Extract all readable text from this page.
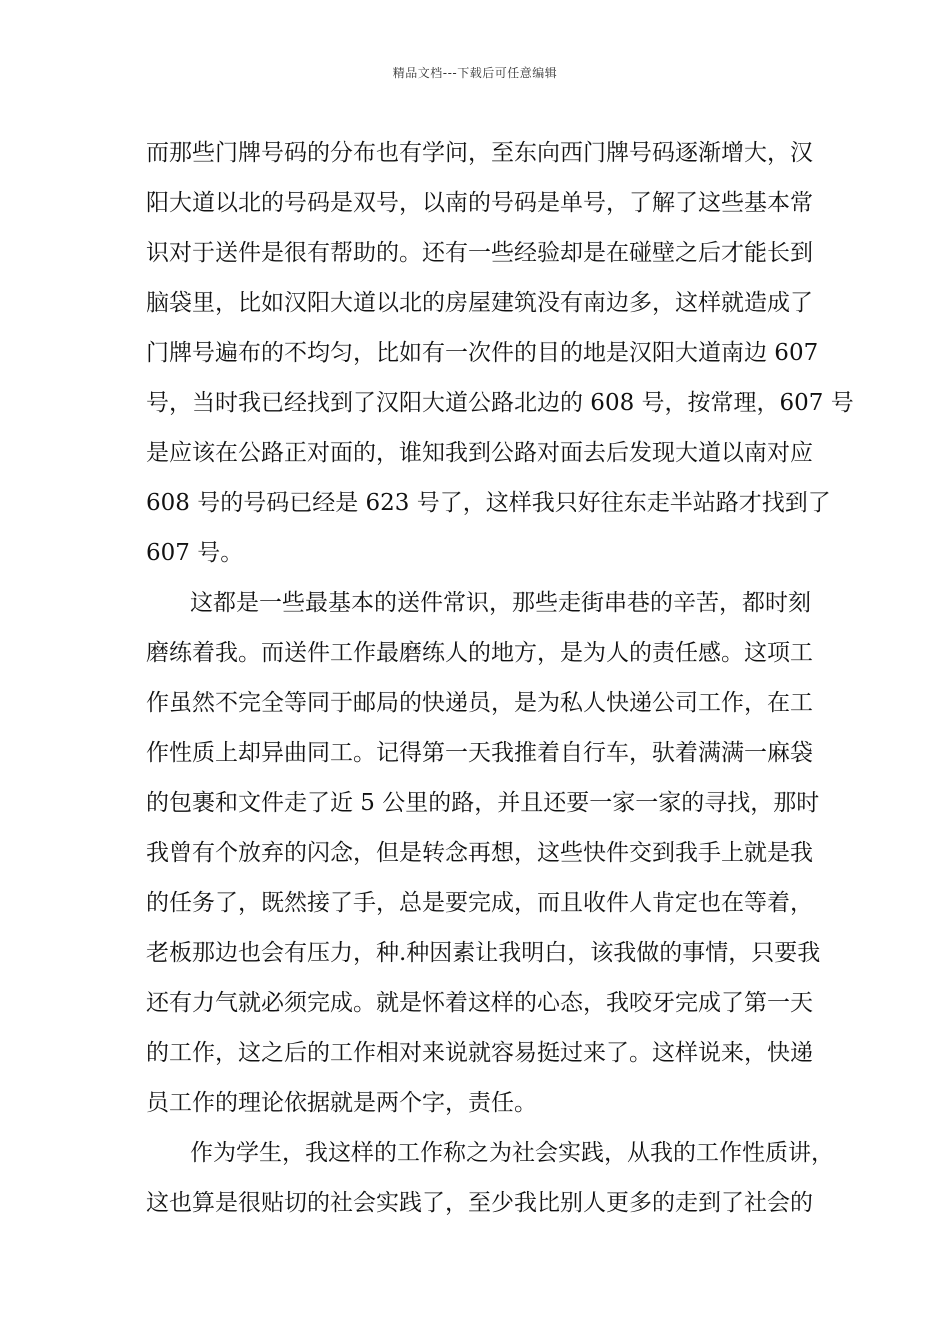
精品文档---下载后可任意编辑
而那些门牌号码的分布也有学问，至东向西门牌号码逐渐增大，汉
阳大道以北的号码是双号，以南的号码是单号，了解了这些基本常
识对于送件是很有帮助的。还有一些经验却是在碰壁之后才能长到
脑袋里，比如汉阳大道以北的房屋建筑没有南边多，这样就造成了
门牌号遍布的不均匀，比如有一次件的目的地是汉阳大道南边 607
号，当时我已经找到了汉阳大道公路北边的 608 号，按常理，607 号
是应该在公路正对面的，谁知我到公路对面去后发现大道以南对应
608 号的号码已经是 623 号了，这样我只好往东走半站路才找到了
607 号。
这都是一些最基本的送件常识，那些走街串巷的辛苦，都时刻
磨练着我。而送件工作最磨练人的地方，是为人的责任感。这项工
作虽然不完全等同于邮局的快递员，是为私人快递公司工作，在工
作性质上却异曲同工。记得第一天我推着自行车，驮着满满一麻袋
的包裹和文件走了近 5 公里的路，并且还要一家一家的寻找，那时
我曾有个放弃的闪念，但是转念再想，这些快件交到我手上就是我
的任务了，既然接了手，总是要完成，而且收件人肯定也在等着，
老板那边也会有压力，种.种因素让我明白，该我做的事情，只要我
还有力气就必须完成。就是怀着这样的心态，我咬牙完成了第一天
的工作，这之后的工作相对来说就容易挺过来了。这样说来，快递
员工作的理论依据就是两个字，责任。
作为学生，我这样的工作称之为社会实践，从我的工作性质讲，
这也算是很贴切的社会实践了，至少我比别人更多的走到了社会的
